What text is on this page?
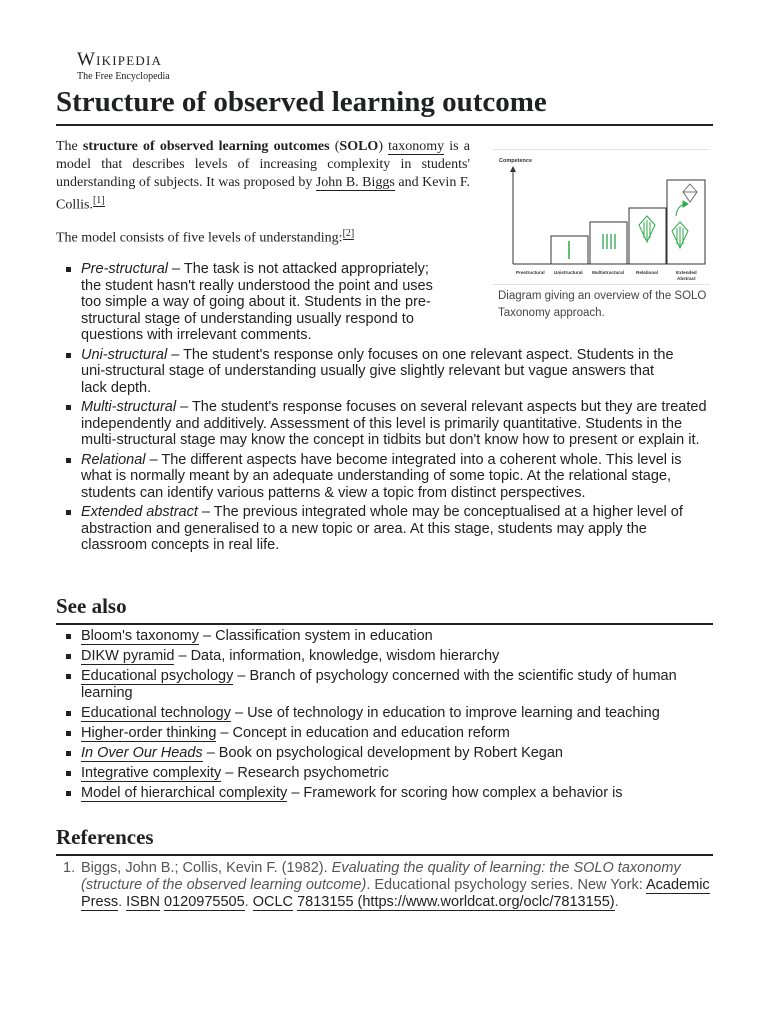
Wikipedia
The Free Encyclopedia
Structure of observed learning outcome

The structure of observed learning outcomes (SOLO) taxonomy is a model that describes levels of increasing complexity in students' understanding of subjects. It was proposed by John B. Biggs and Kevin F. Collis.[1]

The model consists of five levels of understanding:[2]

Competence
Prestructural Unistructural Multistructural	Relational	Extended
Abstract
Diagram giving an overview of the SOLO Taxonomy approach.
Pre-structural – The task is not attacked appropriately; the student hasn't really understood the point and uses too simple a way of going about it. Students in the pre-structural stage of understanding usually respond to questions with irrelevant comments.
Uni-structural – The student's response only focuses on one relevant aspect. Students in the uni-structural stage of understanding usually give slightly relevant but vague answers that lack depth.
Multi-structural – The student's response focuses on several relevant aspects but they are treated independently and additively. Assessment of this level is primarily quantitative. Students in the multi-structural stage may know the concept in tidbits but don't know how to present or explain it.
Relational – The different aspects have become integrated into a coherent whole. This level is what is normally meant by an adequate understanding of some topic. At the relational stage, students can identify various patterns & view a topic from distinct perspectives.
Extended abstract – The previous integrated whole may be conceptualised at a higher level of abstraction and generalised to a new topic or area. At this stage, students may apply the classroom concepts in real life.
See also
Bloom's taxonomy – Classification system in education
DIKW pyramid – Data, information, knowledge, wisdom hierarchy
Educational psychology – Branch of psychology concerned with the scientific study of human learning
Educational technology – Use of technology in education to improve learning and teaching
Higher-order thinking – Concept in education and education reform
In Over Our Heads – Book on psychological development by Robert Kegan
Integrative complexity – Research psychometric
Model of hierarchical complexity – Framework for scoring how complex a behavior is
References
1. Biggs, John B.; Collis, Kevin F. (1982). Evaluating the quality of learning: the SOLO taxonomy (structure of the observed learning outcome). Educational psychology series. New York: Academic Press. ISBN 0120975505. OCLC 7813155 (https://www.worldcat.org/oclc/7813155).
